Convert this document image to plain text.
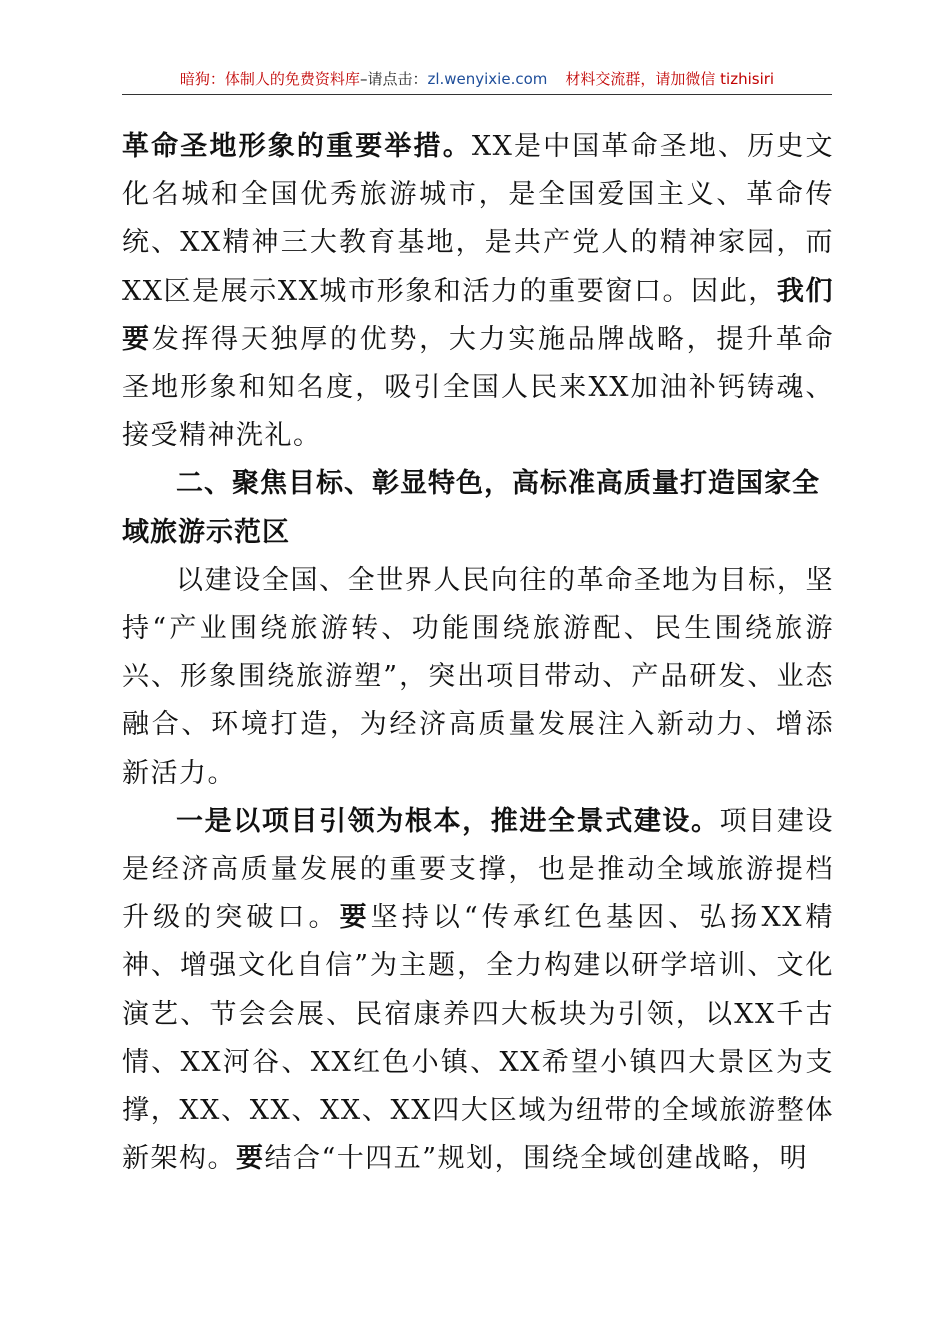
暗狗：体制人的免费资料库–请点击：zl.wenyixie.com 材料交流群，请加微信 tizhisiri

革命圣地形象的重要举措。XX是中国革命圣地、历史文化名城和全国优秀旅游城市，是全国爱国主义、革命传统、XX精神三大教育基地，是共产党人的精神家园，而XX区是展示XX城市形象和活力的重要窗口。因此，我们要发挥得天独厚的优势，大力实施品牌战略，提升革命圣地形象和知名度，吸引全国人民来XX加油补钙铸魂、接受精神洗礼。

二、聚焦目标、彰显特色，高标准高质量打造国家全域旅游示范区

以建设全国、全世界人民向往的革命圣地为目标，坚持“产业围绕旅游转、功能围绕旅游配、民生围绕旅游兴、形象围绕旅游塑”，突出项目带动、产品研发、业态融合、环境打造，为经济高质量发展注入新动力、增添新活力。

一是以项目引领为根本，推进全景式建设。项目建设是经济高质量发展的重要支撑，也是推动全域旅游提档升级的突破口。要坚持以“传承红色基因、弘扬XX精神、增强文化自信”为主题，全力构建以研学培训、文化演艺、节会会展、民宿康养四大板块为引领，以XX千古情、XX河谷、XX红色小镇、XX希望小镇四大景区为支撑，XX、XX、XX、XX四大区域为纽带的全域旅游整体新架构。要结合“十四五”规划，围绕全域创建战略，明
